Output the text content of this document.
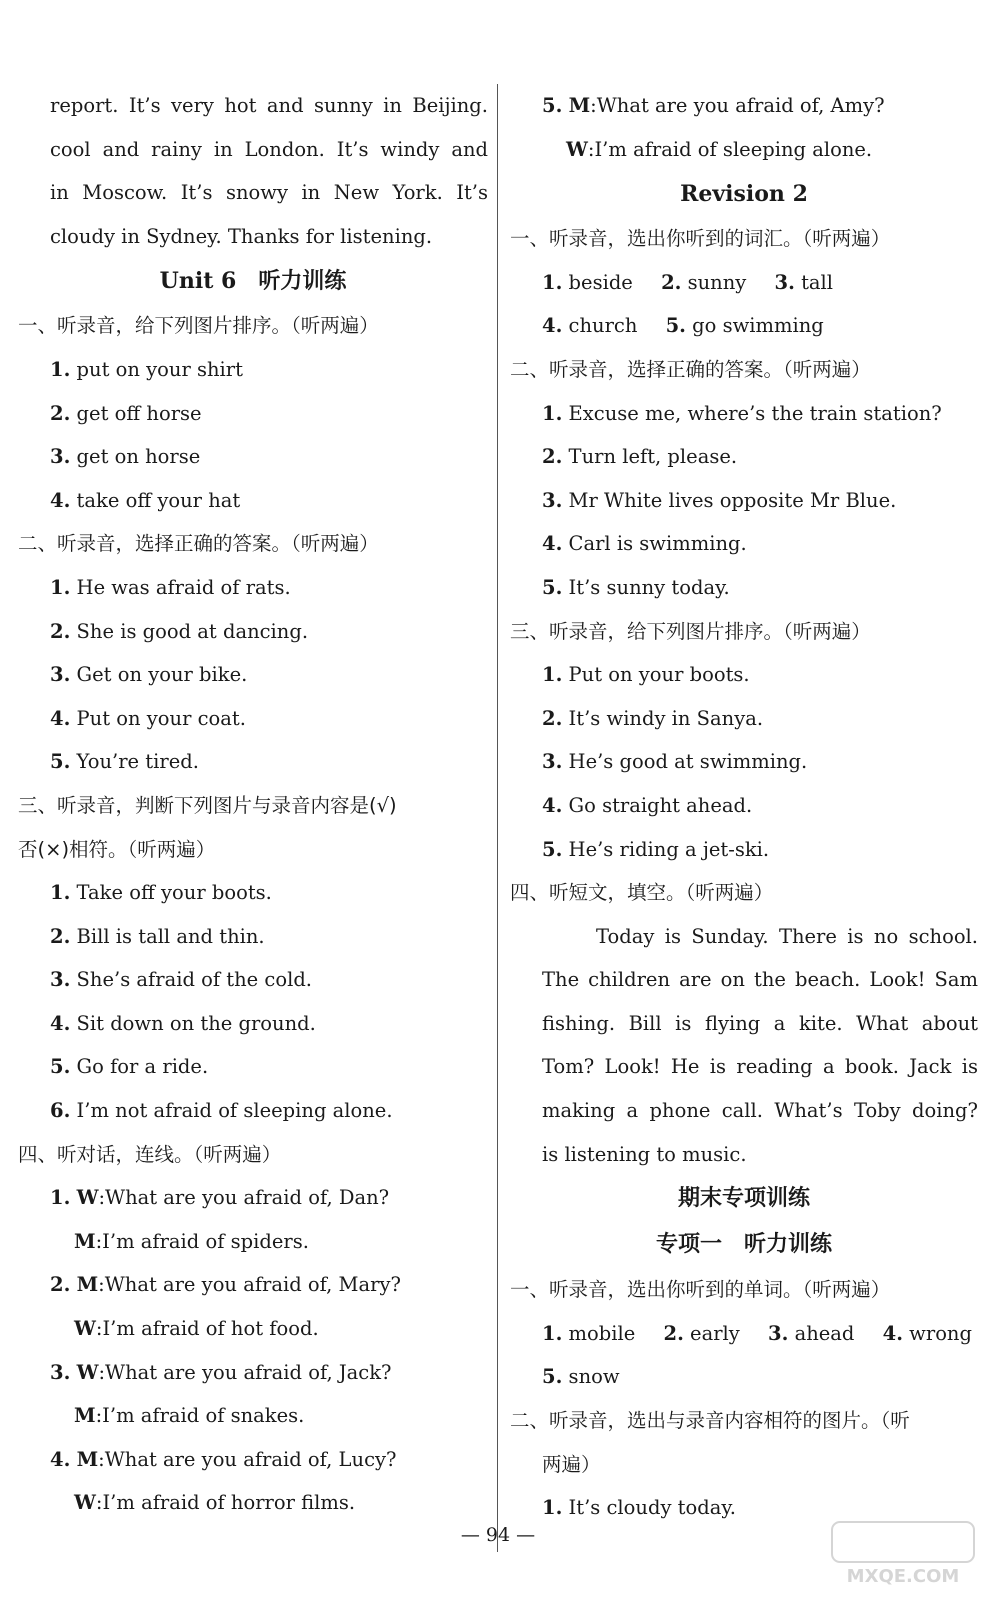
report. It’s very hot and sunny in Beijing.
cool and rainy in London. It’s windy and
in Moscow. It’s snowy in New York. It’s
cloudy in Sydney. Thanks for listening.
Unit 6 听力训练
一、听录音，给下列图片排序。（听两遍）
1. put on your shirt
2. get off horse
3. get on horse
4. take off your hat
二、听录音，选择正确的答案。（听两遍）
1. He was afraid of rats.
2. She is good at dancing.
3. Get on your bike.
4. Put on your coat.
5. You’re tired.
三、听录音，判断下列图片与录音内容是(√)
否(×)相符。（听两遍）
1. Take off your boots.
2. Bill is tall and thin.
3. She’s afraid of the cold.
4. Sit down on the ground.
5. Go for a ride.
6. I’m not afraid of sleeping alone.
四、听对话，连线。（听两遍）
1. W:What are you afraid of, Dan?
M:I’m afraid of spiders.
2. M:What are you afraid of, Mary?
W:I’m afraid of hot food.
3. W:What are you afraid of, Jack?
M:I’m afraid of snakes.
4. M:What are you afraid of, Lucy?
W:I’m afraid of horror films.
5. M:What are you afraid of, Amy?
W:I’m afraid of sleeping alone.
Revision 2
一、听录音，选出你听到的词汇。（听两遍）
1. beside 2. sunny 3. tall
4. church 5. go swimming
二、听录音，选择正确的答案。（听两遍）
1. Excuse me, where’s the train station?
2. Turn left, please.
3. Mr White lives opposite Mr Blue.
4. Carl is swimming.
5. It’s sunny today.
三、听录音，给下列图片排序。（听两遍）
1. Put on your boots.
2. It’s windy in Sanya.
3. He’s good at swimming.
4. Go straight ahead.
5. He’s riding a jet-ski.
四、听短文，填空。（听两遍）
Today is Sunday. There is no school.
The children are on the beach. Look! Sam
fishing. Bill is flying a kite. What about
Tom? Look! He is reading a book. Jack is
making a phone call. What’s Toby doing?
is listening to music.
期末专项训练
专项一 听力训练
一、听录音，选出你听到的单词。（听两遍）
1. mobile 2. early 3. ahead 4. wrong
5. snow
二、听录音，选出与录音内容相符的图片。（听
两遍）
1. It’s cloudy today.
— 94 —
MXQE.COM
